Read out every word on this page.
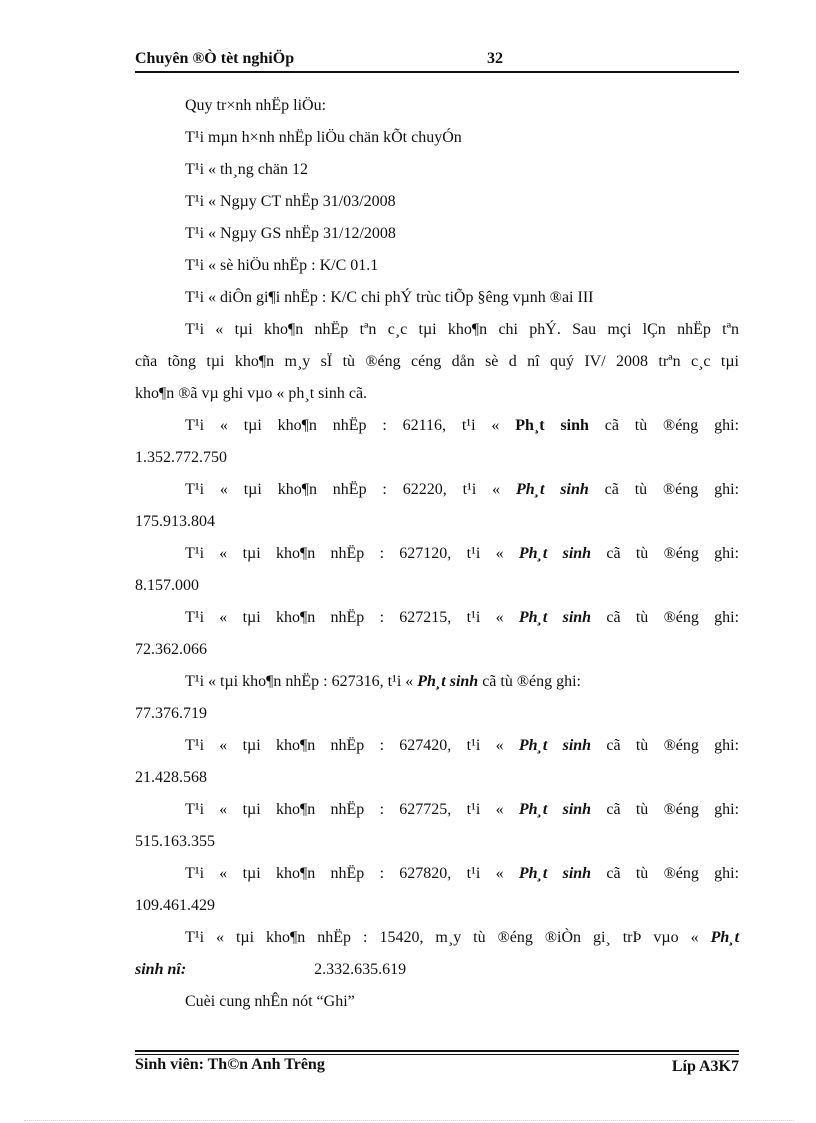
Chuyên ®Ò tèt nghiÖp	32

Quy tr×nh nhËp liÖu:

T¹i mµn h×nh nhËp liÖu chän kÕt chuyÓn

T¹i « th¸ng chän 12

T¹i « Ngµy CT nhËp 31/03/2008

T¹i « Ngµy GS nhËp 31/12/2008

T¹i « sè hiÖu nhËp : K/C 01.1

T¹i « diÔn gi¶i nhËp : K/C chi phÝ trùc tiÕp §êng vµnh ®ai III

T¹i « tµi kho¶n nhËp tªn c¸c tµi kho¶n chi phÝ. Sau mçi lÇn nhËp tªn

cña tõng tµi kho¶n m¸y sÏ tù ®éng céng dån sè d nî quý IV/ 2008 trªn c¸c tµi

kho¶n ®ã vµ ghi vµo « ph¸t sinh cã.

T¹i « tµi kho¶n nhËp : 62116, t¹i « Ph¸t sinh cã tù ®éng ghi:

1.352.772.750

T¹i « tµi kho¶n nhËp : 62220, t¹i « Ph¸t sinh cã tù ®éng ghi:

175.913.804

T¹i « tµi kho¶n nhËp : 627120, t¹i « Ph¸t sinh cã tù ®éng ghi:

8.157.000

T¹i « tµi kho¶n nhËp : 627215, t¹i « Ph¸t sinh cã tù ®éng ghi:

72.362.066

T¹i « tµi kho¶n nhËp : 627316, t¹i « Ph¸t sinh cã tù ®éng ghi:

77.376.719

T¹i « tµi kho¶n nhËp : 627420, t¹i « Ph¸t sinh cã tù ®éng ghi:

21.428.568

T¹i « tµi kho¶n nhËp : 627725, t¹i « Ph¸t sinh cã tù ®éng ghi:

515.163.355

T¹i « tµi kho¶n nhËp : 627820, t¹i « Ph¸t sinh cã tù ®éng ghi:

109.461.429

T¹i « tµi kho¶n nhËp : 15420, m¸y tù ®éng ®iÒn gi¸ trÞ vµo « Ph¸t

sinh nî:	2.332.635.619

Cuèi cung nhÊn nót “Ghi”

Sinh viên: Th©n Anh Trêng	Líp A3K7
